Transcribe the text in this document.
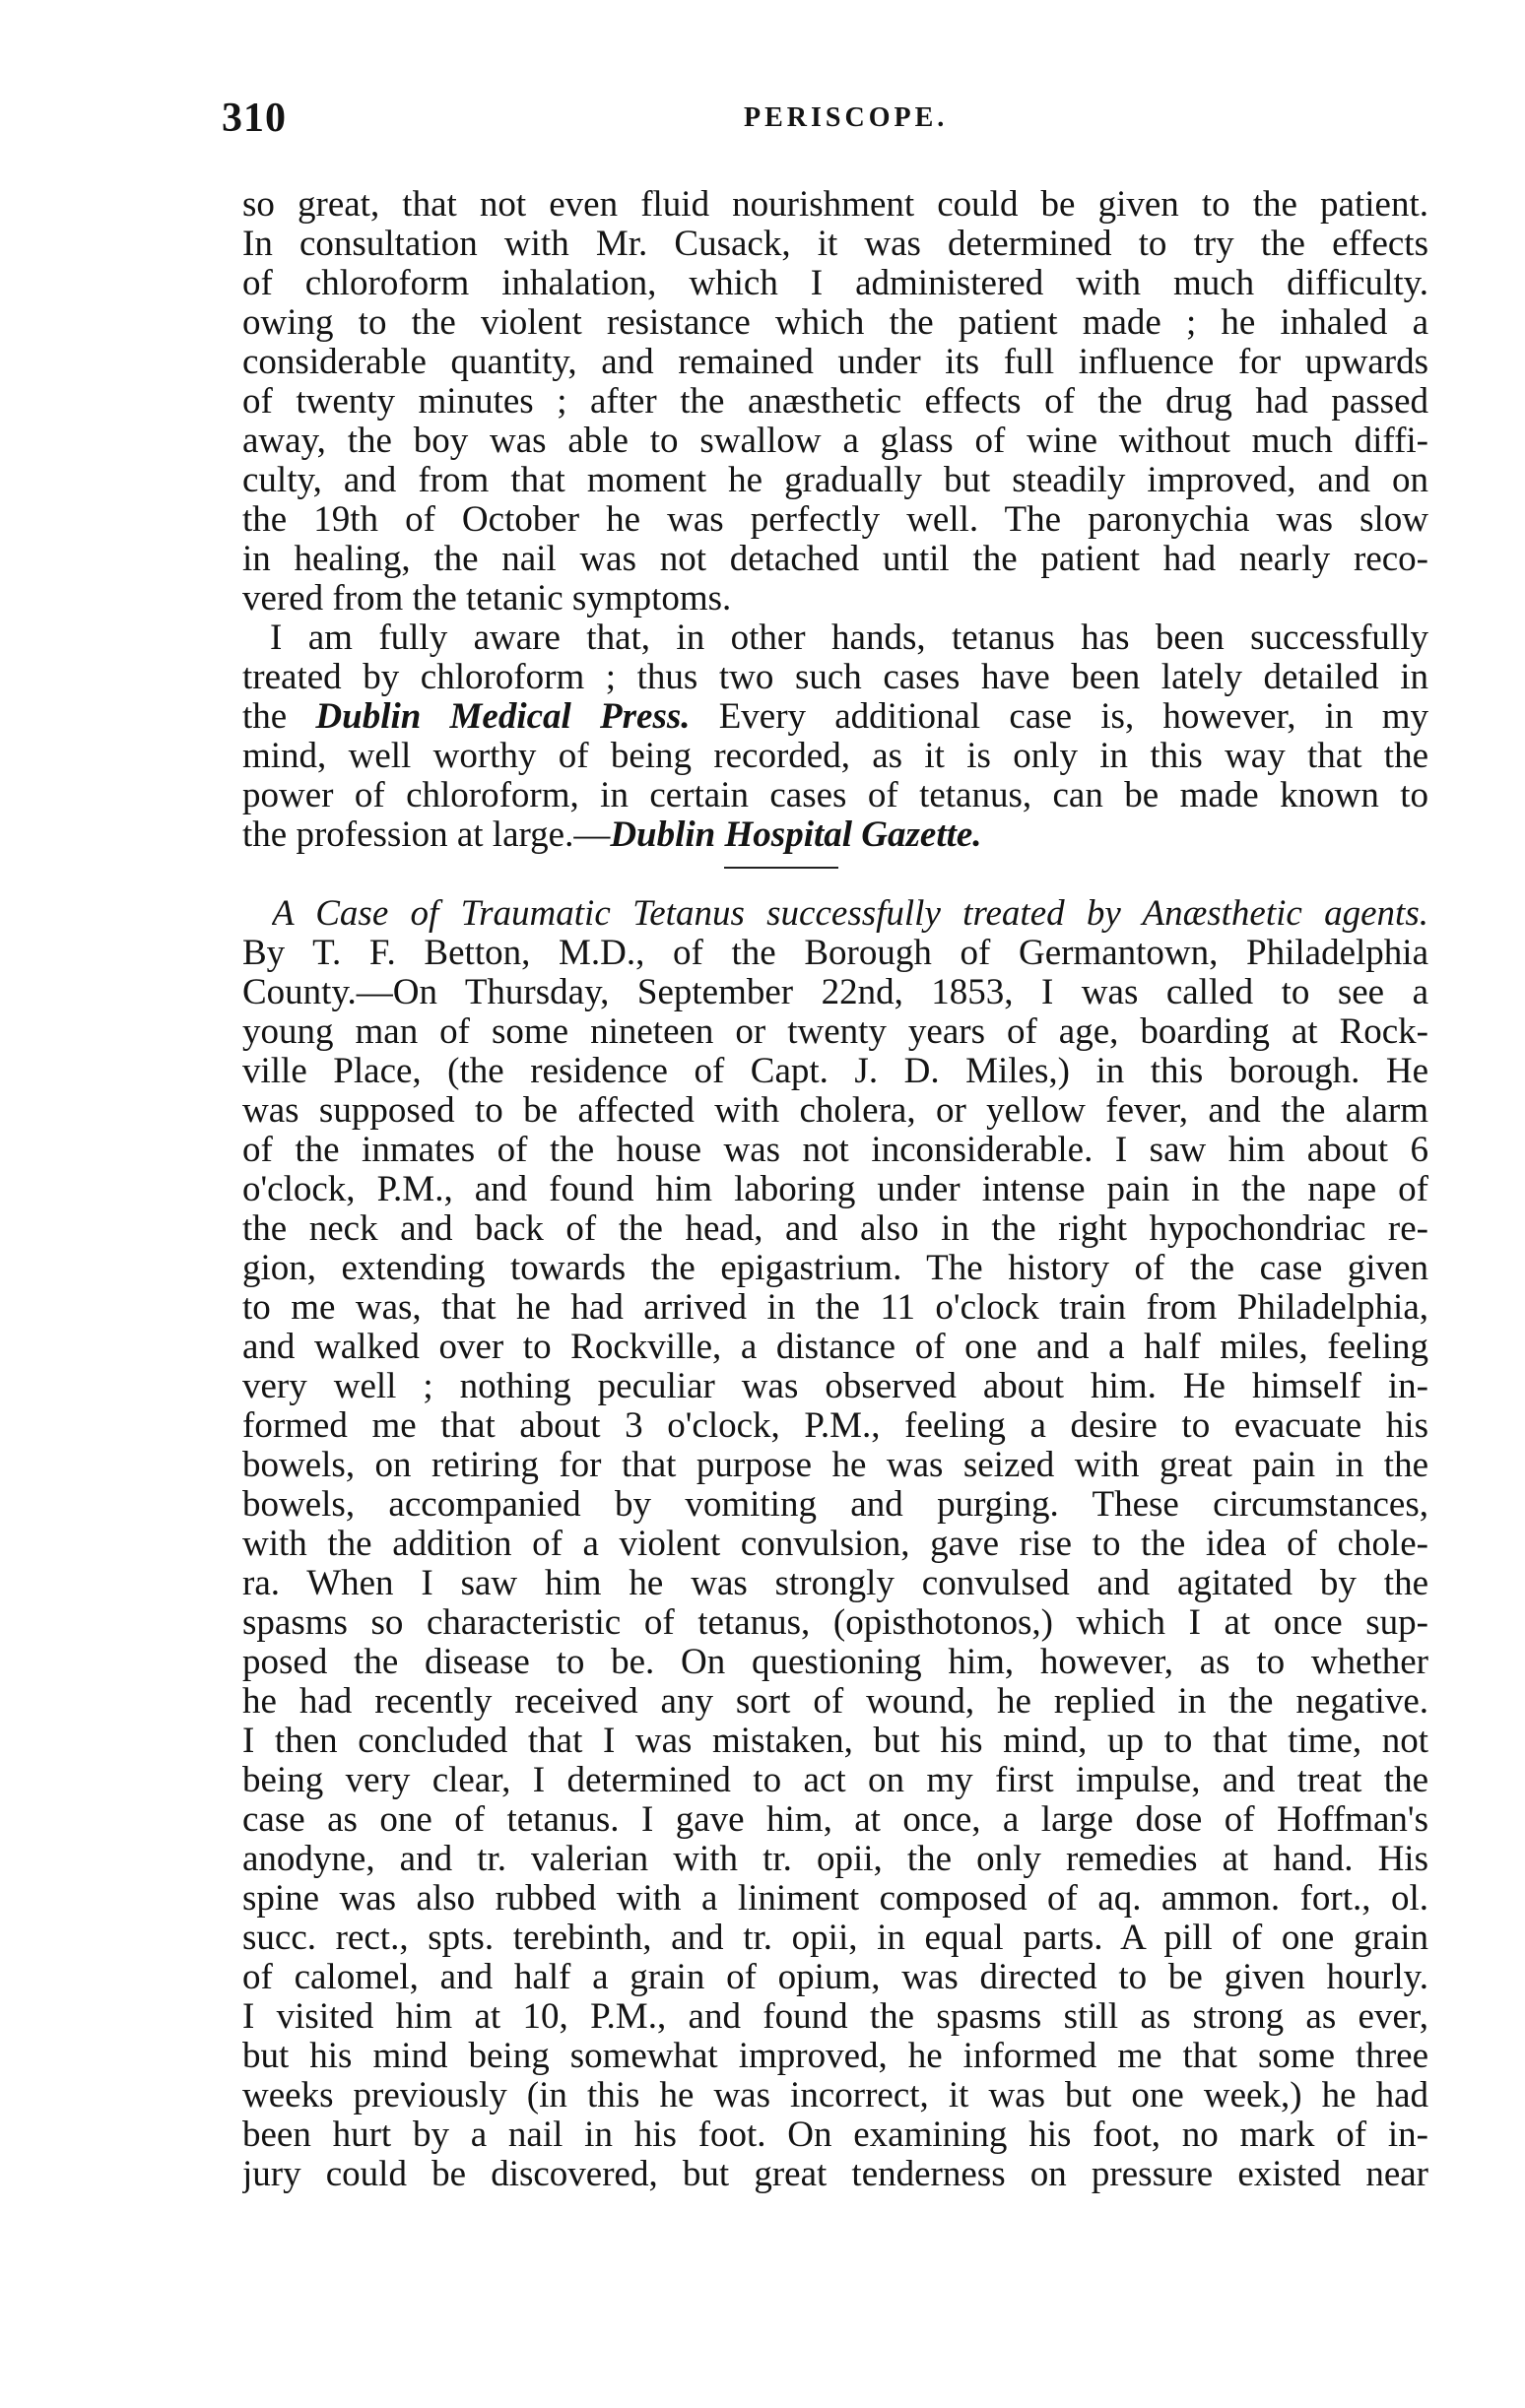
310	PERISCOPE.
so great, that not even fluid nourishment could be given to the patient.
In consultation with Mr. Cusack, it was determined to try the effects
of chloroform inhalation, which I administered with much difficulty.
owing to the violent resistance which the patient made ; he inhaled a
considerable quantity, and remained under its full influence for upwards
of twenty minutes ; after the anæsthetic effects of the drug had passed
away, the boy was able to swallow a glass of wine without much diffi-
culty, and from that moment he gradually but steadily improved, and on
the 19th of October he was perfectly well. The paronychia was slow
in healing, the nail was not detached until the patient had nearly reco-
vered from the tetanic symptoms.
I am fully aware that, in other hands, tetanus has been successfully
treated by chloroform ; thus two such cases have been lately detailed in
the Dublin Medical Press. Every additional case is, however, in my
mind, well worthy of being recorded, as it is only in this way that the
power of chloroform, in certain cases of tetanus, can be made known to
the profession at large.—Dublin Hospital Gazette.
A Case of Traumatic Tetanus successfully treated by Anæsthetic agents.
By T. F. Betton, M.D., of the Borough of Germantown, Philadelphia
County.—On Thursday, September 22nd, 1853, I was called to see a
young man of some nineteen or twenty years of age, boarding at Rock-
ville Place, (the residence of Capt. J. D. Miles,) in this borough. He
was supposed to be affected with cholera, or yellow fever, and the alarm
of the inmates of the house was not inconsiderable. I saw him about 6
o'clock, P.M., and found him laboring under intense pain in the nape of
the neck and back of the head, and also in the right hypochondriac re-
gion, extending towards the epigastrium. The history of the case given
to me was, that he had arrived in the 11 o'clock train from Philadelphia,
and walked over to Rockville, a distance of one and a half miles, feeling
very well ; nothing peculiar was observed about him. He himself in-
formed me that about 3 o'clock, P.M., feeling a desire to evacuate his
bowels, on retiring for that purpose he was seized with great pain in the
bowels, accompanied by vomiting and purging. These circumstances,
with the addition of a violent convulsion, gave rise to the idea of chole-
ra. When I saw him he was strongly convulsed and agitated by the
spasms so characteristic of tetanus, (opisthotonos,) which I at once sup-
posed the disease to be. On questioning him, however, as to whether
he had recently received any sort of wound, he replied in the negative.
I then concluded that I was mistaken, but his mind, up to that time, not
being very clear, I determined to act on my first impulse, and treat the
case as one of tetanus. I gave him, at once, a large dose of Hoffman's
anodyne, and tr. valerian with tr. opii, the only remedies at hand. His
spine was also rubbed with a liniment composed of aq. ammon. fort., ol.
succ. rect., spts. terebinth, and tr. opii, in equal parts. A pill of one grain
of calomel, and half a grain of opium, was directed to be given hourly.
I visited him at 10, P.M., and found the spasms still as strong as ever,
but his mind being somewhat improved, he informed me that some three
weeks previously (in this he was incorrect, it was but one week,) he had
been hurt by a nail in his foot. On examining his foot, no mark of in-
jury could be discovered, but great tenderness on pressure existed near
